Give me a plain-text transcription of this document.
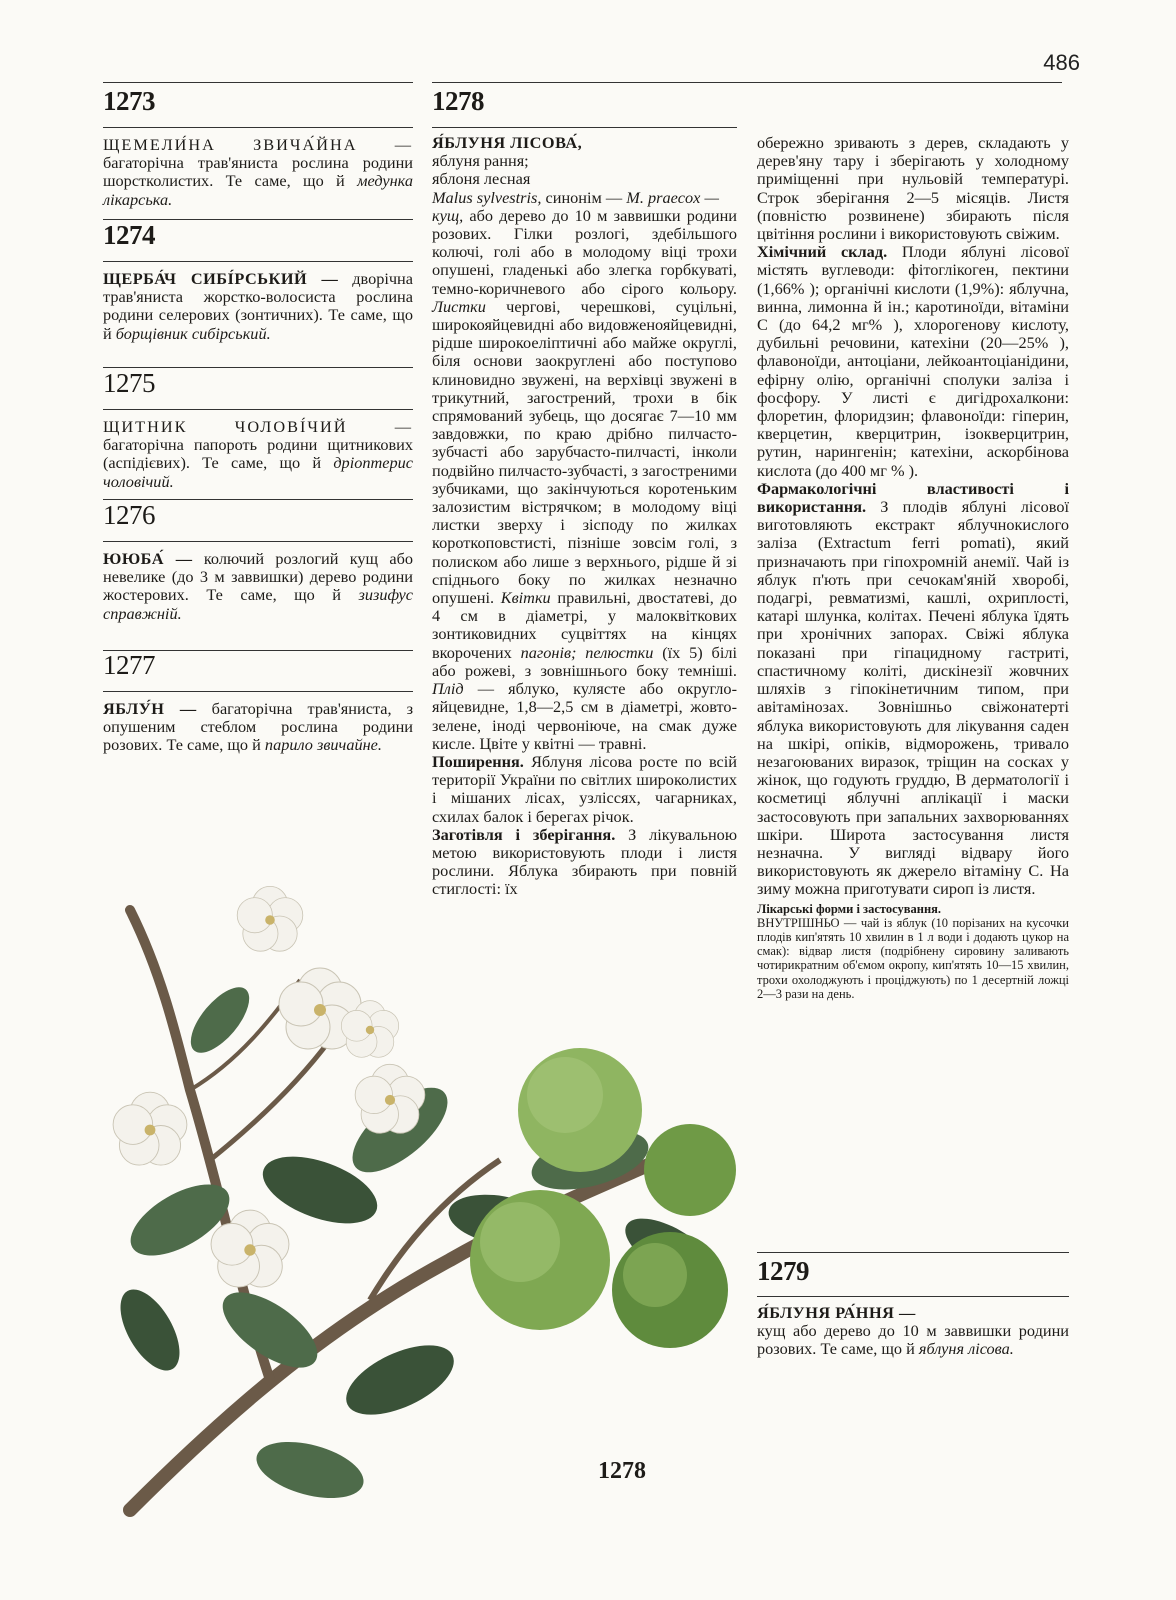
486
1273
ЩЕМЕЛИ́НА ЗВИЧА́ЙНА — багаторічна трав'яниста рослина родини шорстколистих. Те саме, що й медунка лікарська.
1274
ЩЕРБА́Ч СИБІ́РСЬКИЙ — дворічна трав'яниста жорстко-волосиста рослина родини селерових (зонтичних). Те саме, що й борщівник сибірський.
1275
ЩИТНИК ЧОЛОВІ́ЧИЙ — багаторічна папороть родини щитникових (аспідієвих). Те саме, що й дріоптерис чоловічий.
1276
ЮЮБА́ — колючий розлогий кущ або невелике (до 3 м заввишки) дерево родини жостерових. Те саме, що й зизифус справжній.
1277
ЯБЛУ́Н — багаторічна трав'яниста, з опушеним стеблом рослина родини розових. Те саме, що й парило звичайне.
1278
Я́БЛУНЯ ЛІСОВА́,
яблуня рання;
яблоня лесная
Malus sylvestris, синонім — M. praecox —
кущ, або дерево до 10 м заввишки родини розових. Гілки розлогі, здебільшого колючі, голі або в молодому віці трохи опушені, гладенькі або злегка горбкуваті, темно-коричневого або сірого кольору. Листки чергові, черешкові, суцільні, широкояйцевидні або видовженояйцевидні, рідше широкоеліптичні або майже округлі, біля основи заокруглені або поступово клиновидно звужені, на верхівці звужені в трикутний, загострений, трохи в бік спрямований зубець, що досягає 7—10 мм завдовжки, по краю дрібно пилчасто-зубчасті або зарубчасто-пилчасті, інколи подвійно пилчасто-зубчасті, з загостреними зубчиками, що закінчуються коротеньким залозистим вістрячком; в молодому віці листки зверху і зісподу по жилках короткоповстисті, пізніше зовсім голі, з полиском або лише з верхнього, рідше й зі спіднього боку по жилках незначно опушені. Квітки правильні, двостатеві, до 4 см в діаметрі, у малоквіткових зонтиковидних суцвіттях на кінцях вкорочених пагонів; пелюстки (їх 5) білі або рожеві, з зовнішнього боку темніші. Плід — яблуко, кулясте або округло-яйцевидне, 1,8—2,5 см в діаметрі, жовто-зелене, іноді червоніюче, на смак дуже кисле. Цвіте у квітні — травні.
Поширення. Яблуня лісова росте по всій території України по світлих широколистих і мішаних лісах, узліссях, чагарниках, схилах балок і берегах річок.
Заготівля і зберігання. З лікувальною метою використовують плоди і листя рослини. Яблука збирають при повній стиглості: їх
обережно зривають з дерев, складають у дерев'яну тару і зберігають у холодному приміщенні при нульовій температурі. Строк зберігання 2—5 місяців. Листя (повністю розвинене) збирають після цвітіння рослини і використовують свіжим.
Хімічний склад. Плоди яблуні лісової містять вуглеводи: фітоглікоген, пектини (1,66% ); органічні кислоти (1,9%): яблучна, винна, лимонна й ін.; каротиноїди, вітаміни С (до 64,2 мг% ), хлорогенову кислоту, дубильні речовини, катехіни (20—25% ), флавоноїди, антоціани, лейкоантоціанідини, ефірну олію, органічні сполуки заліза і фосфору. У листі є дигідрохалкони: флоретин, флоридзин; флавоноїди: гіперин, кверцетин, кверцитрин, ізокверцитрин, рутин, нарингенін; катехіни, аскорбінова кислота (до 400 мг % ).
Фармакологічні властивості і використання. З плодів яблуні лісової виготовляють екстракт яблучнокислого заліза (Extractum ferri pomati), який призначають при гіпохромній анемії. Чай із яблук п'ють при сечокам'яній хворобі, подагрі, ревматизмі, кашлі, охриплості, катарі шлунка, колітах. Печені яблука їдять при хронічних запорах. Свіжі яблука показані при гіпацидному гастриті, спастичному коліті, дискінезії жовчних шляхів з гіпокінетичним типом, при авітамінозах. Зовнішньо свіжонатерті яблука використовують для лікування саден на шкірі, опіків, відморожень, тривало незагоюваних виразок, тріщин на сосках у жінок, що годують груддю, В дерматології і косметиці яблучні аплікації і маски застосовують при запальних захворюваннях шкіри. Широта застосування листя незначна. У вигляді відвару його використовують як джерело вітаміну С. На зиму можна приготувати сироп із листя.
Лікарські форми і застосування.
ВНУТРІШНЬО — чай із яблук (10 порізаних на кусочки плодів кип'ятять 10 хвилин в 1 л води і додають цукор на смак): відвар листя (подрібнену сировину заливають чотирикратним об'ємом окропу, кип'ятять 10—15 хвилин, трохи охолоджують і проціджують) по 1 десертній ложці 2—3 рази на день.
1279
Я́БЛУНЯ РА́ННЯ —
кущ або дерево до 10 м заввишки родини розових. Те саме, що й яблуня лісова.
1278
